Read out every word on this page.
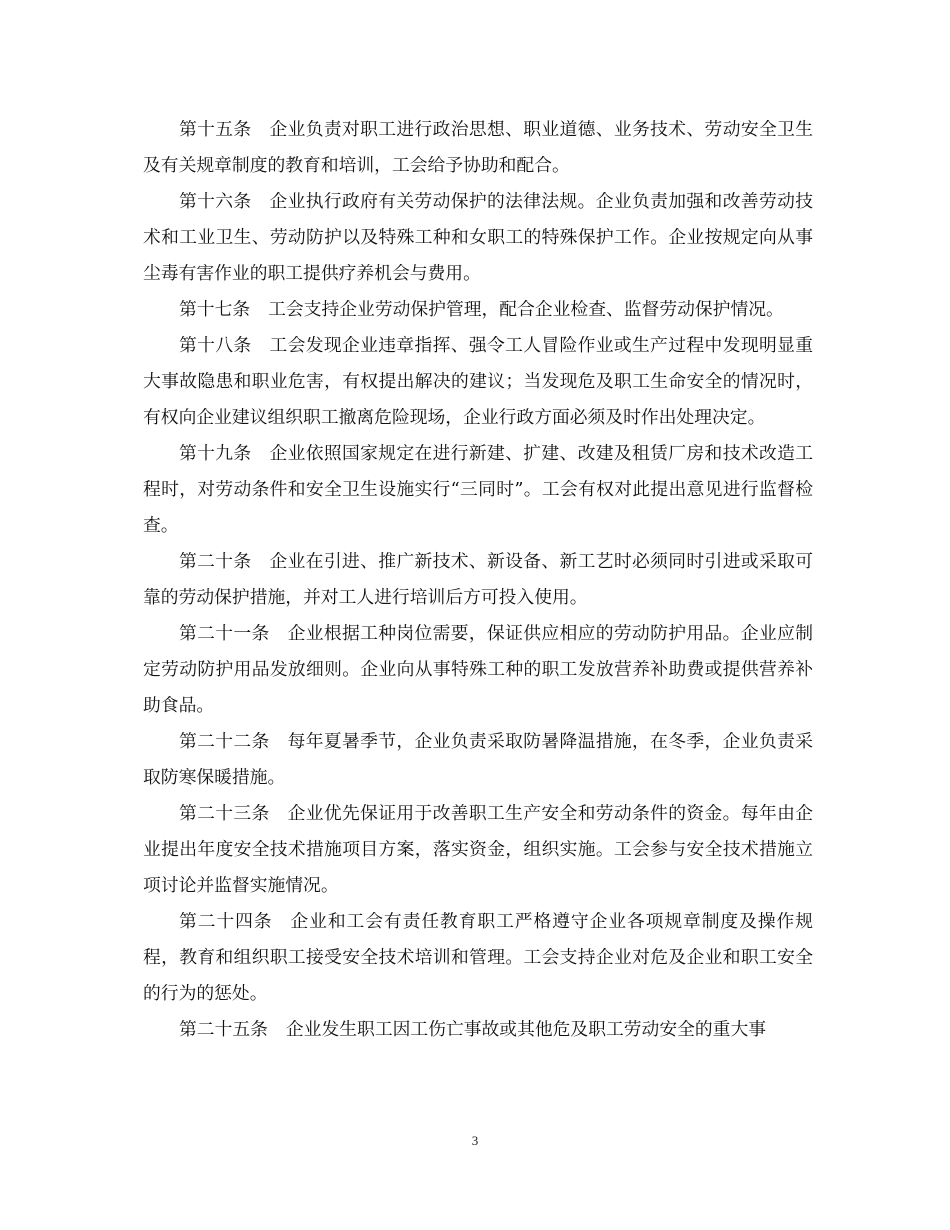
第十五条 企业负责对职工进行政治思想、职业道德、业务技术、劳动安全卫生及有关规章制度的教育和培训，工会给予协助和配合。

第十六条 企业执行政府有关劳动保护的法律法规。企业负责加强和改善劳动技术和工业卫生、劳动防护以及特殊工种和女职工的特殊保护工作。企业按规定向从事尘毒有害作业的职工提供疗养机会与费用。

第十七条 工会支持企业劳动保护管理，配合企业检查、监督劳动保护情况。

第十八条 工会发现企业违章指挥、强令工人冒险作业或生产过程中发现明显重大事故隐患和职业危害，有权提出解决的建议；当发现危及职工生命安全的情况时，有权向企业建议组织职工撤离危险现场，企业行政方面必须及时作出处理决定。

第十九条 企业依照国家规定在进行新建、扩建、改建及租赁厂房和技术改造工程时，对劳动条件和安全卫生设施实行“三同时”。工会有权对此提出意见进行监督检查。

第二十条 企业在引进、推广新技术、新设备、新工艺时必须同时引进或采取可靠的劳动保护措施，并对工人进行培训后方可投入使用。

第二十一条 企业根据工种岗位需要，保证供应相应的劳动防护用品。企业应制定劳动防护用品发放细则。企业向从事特殊工种的职工发放营养补助费或提供营养补助食品。

第二十二条 每年夏暑季节，企业负责采取防暑降温措施，在冬季，企业负责采取防寒保暖措施。

第二十三条 企业优先保证用于改善职工生产安全和劳动条件的资金。每年由企业提出年度安全技术措施项目方案，落实资金，组织实施。工会参与安全技术措施立项讨论并监督实施情况。

第二十四条 企业和工会有责任教育职工严格遵守企业各项规章制度及操作规程，教育和组织职工接受安全技术培训和管理。工会支持企业对危及企业和职工安全的行为的惩处。

第二十五条 企业发生职工因工伤亡事故或其他危及职工劳动安全的重大事

3
